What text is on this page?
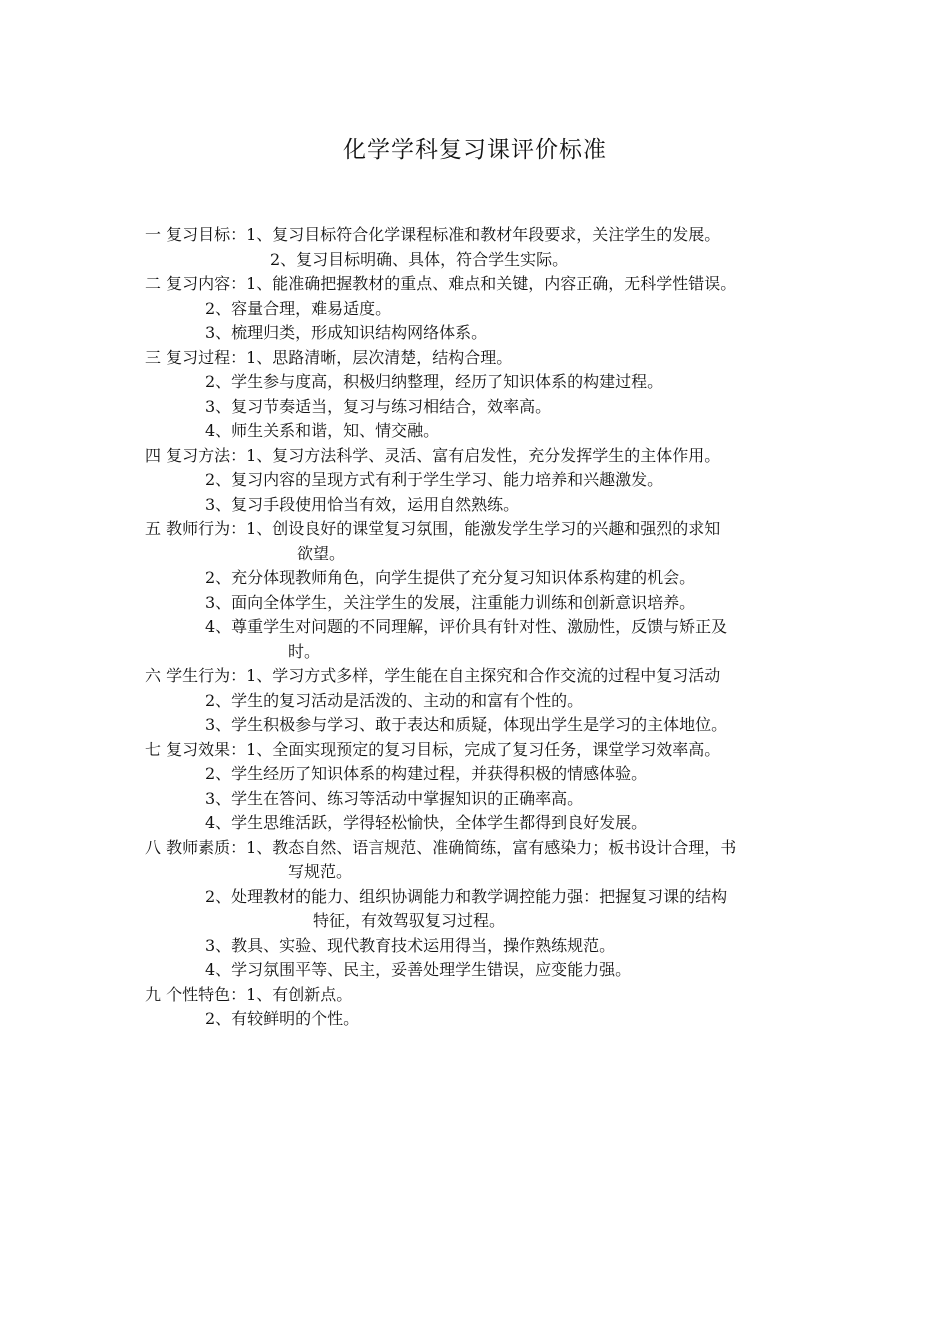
化学学科复习课评价标准
一 复习目标：1、复习目标符合化学课程标准和教材年段要求，关注学生的发展。
2、复习目标明确、具体，符合学生实际。
二 复习内容：1、能准确把握教材的重点、难点和关键，内容正确，无科学性错误。
2、容量合理，难易适度。
3、梳理归类，形成知识结构网络体系。
三 复习过程：1、思路清晰，层次清楚，结构合理。
2、学生参与度高，积极归纳整理，经历了知识体系的构建过程。
3、复习节奏适当，复习与练习相结合，效率高。
4、师生关系和谐，知、情交融。
四 复习方法：1、复习方法科学、灵活、富有启发性，充分发挥学生的主体作用。
2、复习内容的呈现方式有利于学生学习、能力培养和兴趣激发。
3、复习手段使用恰当有效，运用自然熟练。
五 教师行为：1、创设良好的课堂复习氛围，能激发学生学习的兴趣和强烈的求知
欲望。
2、充分体现教师角色，向学生提供了充分复习知识体系构建的机会。
3、面向全体学生，关注学生的发展，注重能力训练和创新意识培养。
4、尊重学生对问题的不同理解，评价具有针对性、激励性，反馈与矫正及
时。
六 学生行为：1、学习方式多样，学生能在自主探究和合作交流的过程中复习活动
2、学生的复习活动是活泼的、主动的和富有个性的。
3、学生积极参与学习、敢于表达和质疑，体现出学生是学习的主体地位。
七 复习效果：1、全面实现预定的复习目标，完成了复习任务，课堂学习效率高。
2、学生经历了知识体系的构建过程，并获得积极的情感体验。
3、学生在答问、练习等活动中掌握知识的正确率高。
4、学生思维活跃，学得轻松愉快，全体学生都得到良好发展。
八 教师素质：1、教态自然、语言规范、准确简练，富有感染力；板书设计合理，书
写规范。
2、处理教材的能力、组织协调能力和教学调控能力强：把握复习课的结构
特征，有效驾驭复习过程。
3、教具、实验、现代教育技术运用得当，操作熟练规范。
4、学习氛围平等、民主，妥善处理学生错误，应变能力强。
九 个性特色：1、有创新点。
2、有较鲜明的个性。
